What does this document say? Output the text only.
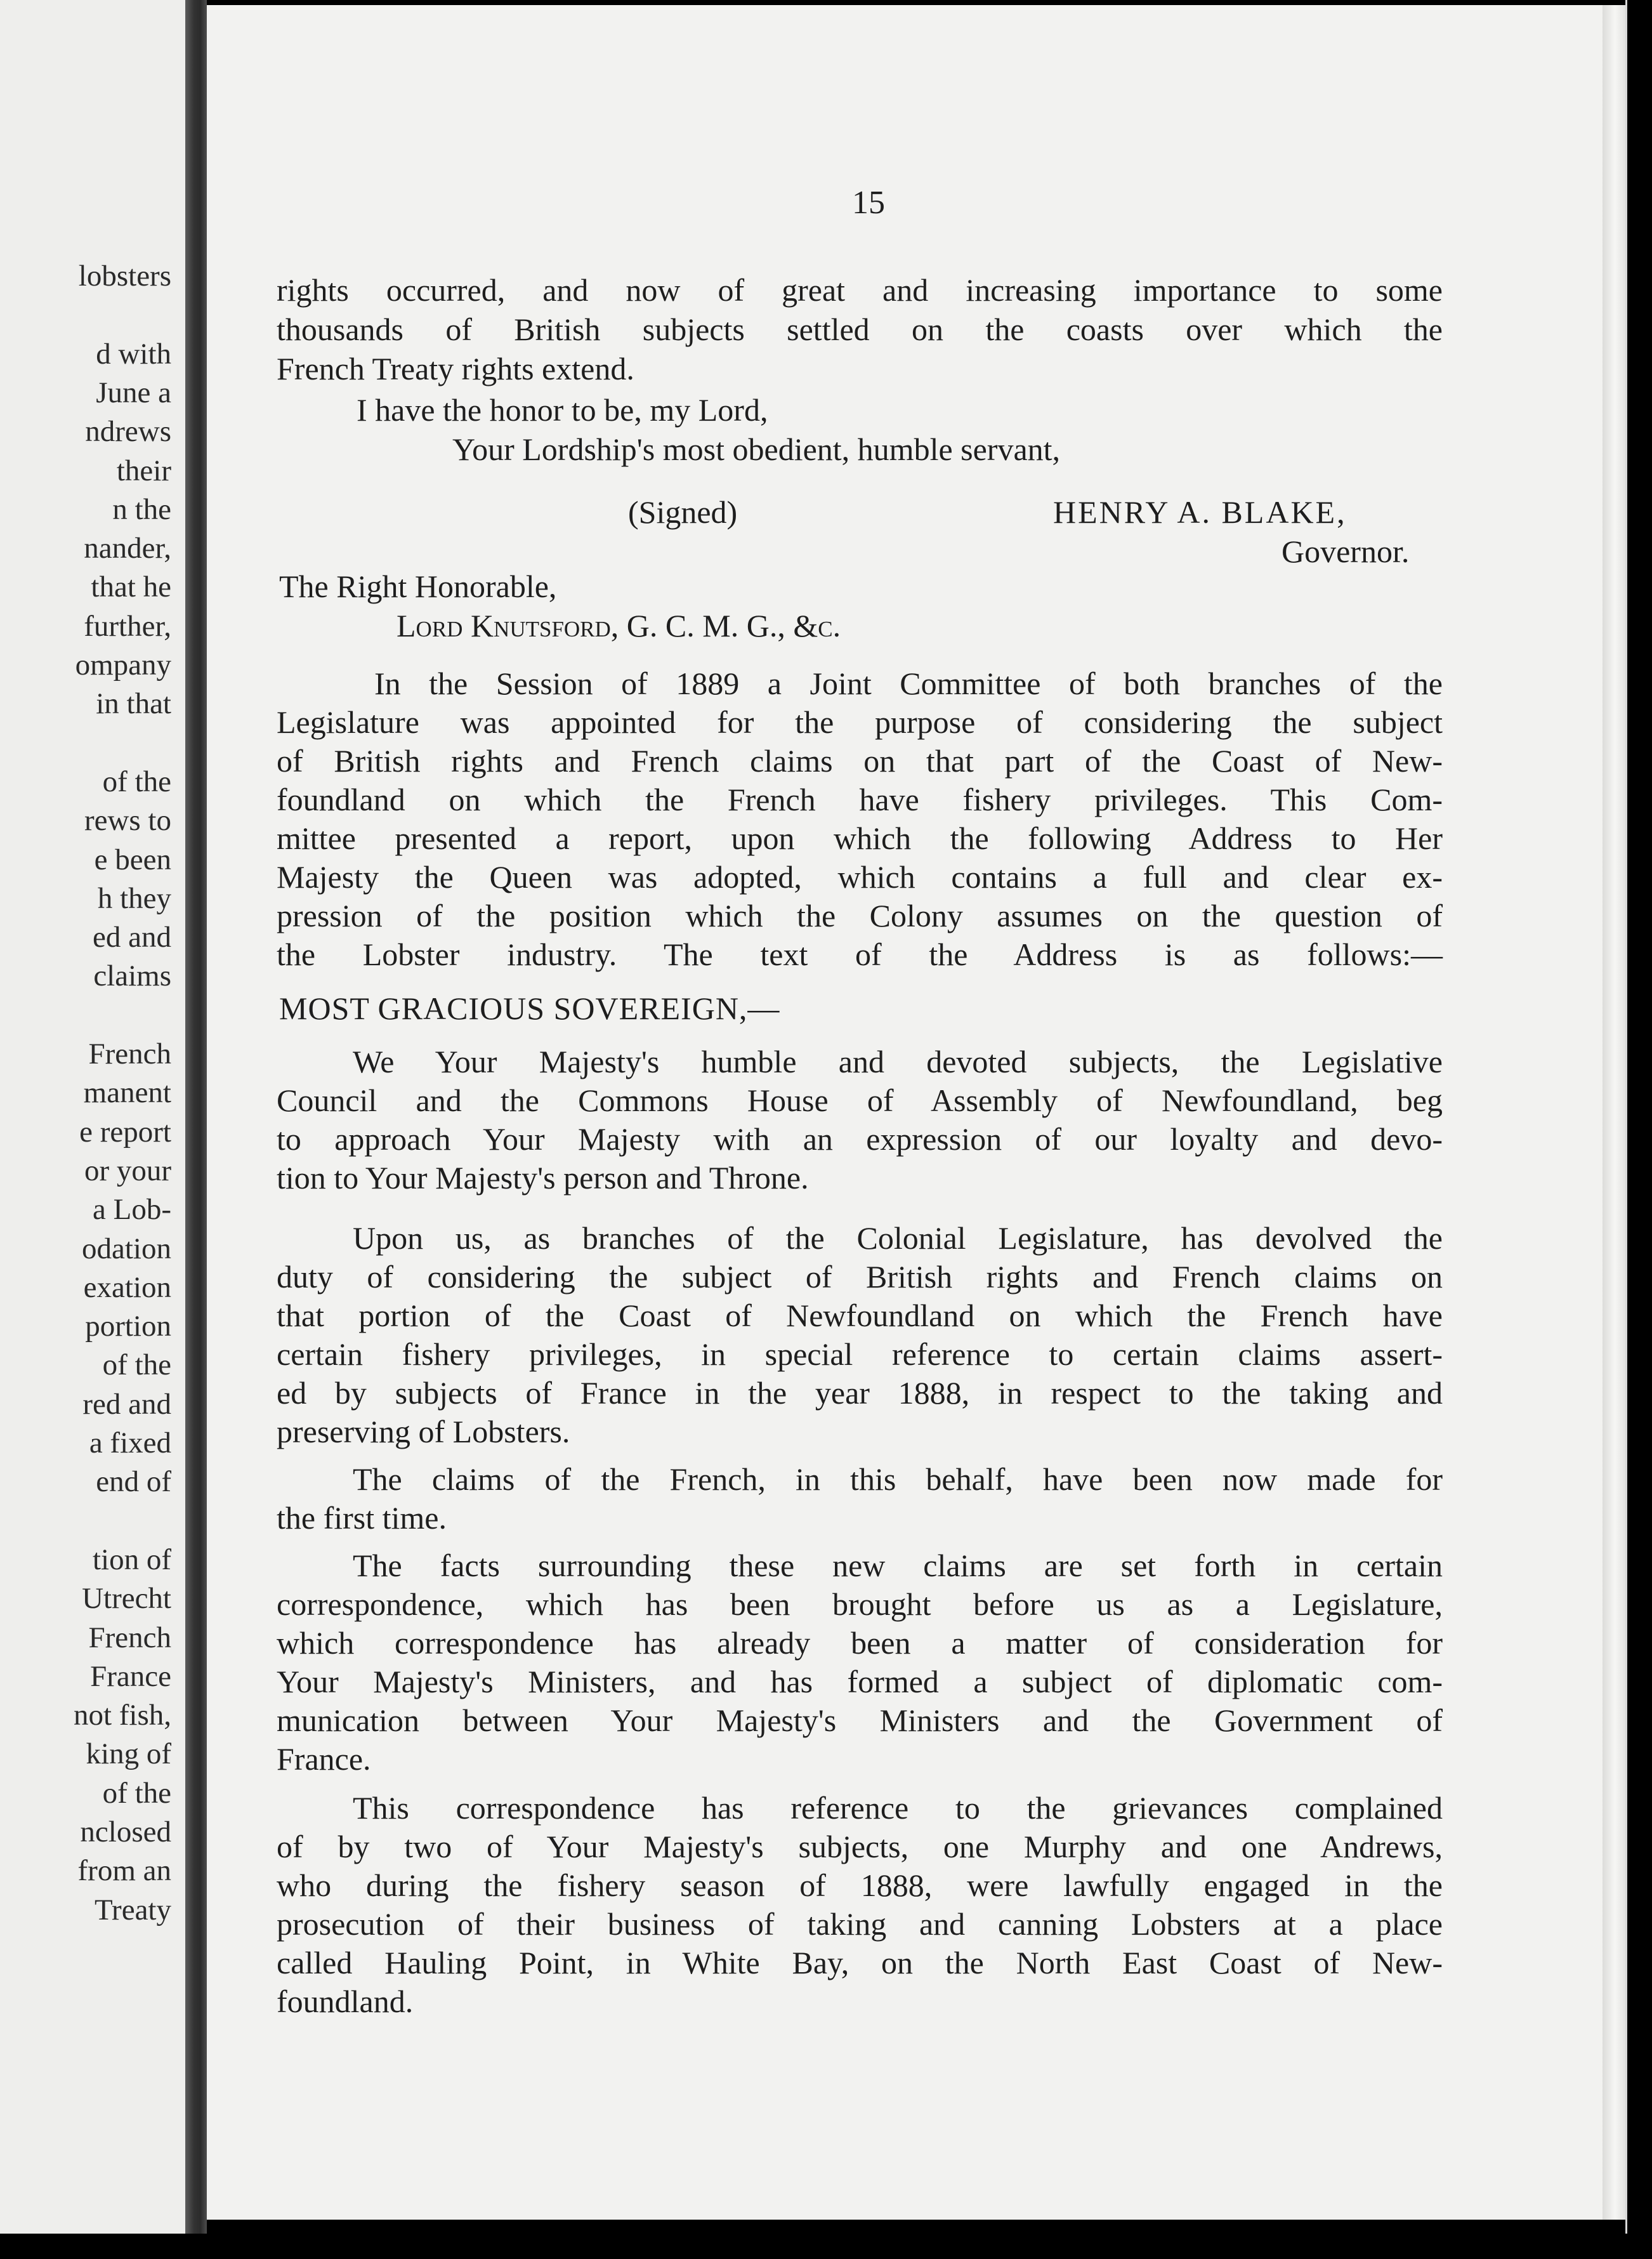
lobsters
d with
June a
ndrews
their
n the
nander,
that he
further,
ompany
in that
of the
rews to
e been
h they
ed and
claims
French
manent
e report
or your
a Lob-
odation
exation
portion
of the
red and
a fixed
end of
tion of
Utrecht
French
France
not fish,
king of
of the
nclosed
from an
Treaty
15
rights occurred, and now of great and increasing importance to some
thousands of British subjects settled on the coasts over which the
French Treaty rights extend.
I have the honor to be, my Lord,
Your Lordship's most obedient, humble servant,
(Signed)	HENRY A. BLAKE,
Governor.
The Right Honorable,
Lord Knutsford, G. C. M. G., &c.
In the Session of 1889 a Joint Committee of both branches of the
Legislature was appointed for the purpose of considering the subject
of British rights and French claims on that part of the Coast of New-
foundland on which the French have fishery privileges. This Com-
mittee presented a report, upon which the following Address to Her
Majesty the Queen was adopted, which contains a full and clear ex-
pression of the position which the Colony assumes on the question of
the Lobster industry. The text of the Address is as follows:—
MOST GRACIOUS SOVEREIGN,—
We Your Majesty's humble and devoted subjects, the Legislative
Council and the Commons House of Assembly of Newfoundland, beg
to approach Your Majesty with an expression of our loyalty and devo-
tion to Your Majesty's person and Throne.
Upon us, as branches of the Colonial Legislature, has devolved the
duty of considering the subject of British rights and French claims on
that portion of the Coast of Newfoundland on which the French have
certain fishery privileges, in special reference to certain claims assert-
ed by subjects of France in the year 1888, in respect to the taking and
preserving of Lobsters.
The claims of the French, in this behalf, have been now made for
the first time.
The facts surrounding these new claims are set forth in certain
correspondence, which has been brought before us as a Legislature,
which correspondence has already been a matter of consideration for
Your Majesty's Ministers, and has formed a subject of diplomatic com-
munication between Your Majesty's Ministers and the Government of
France.
This correspondence has reference to the grievances complained
of by two of Your Majesty's subjects, one Murphy and one Andrews,
who during the fishery season of 1888, were lawfully engaged in the
prosecution of their business of taking and canning Lobsters at a place
called Hauling Point, in White Bay, on the North East Coast of New-
foundland.
